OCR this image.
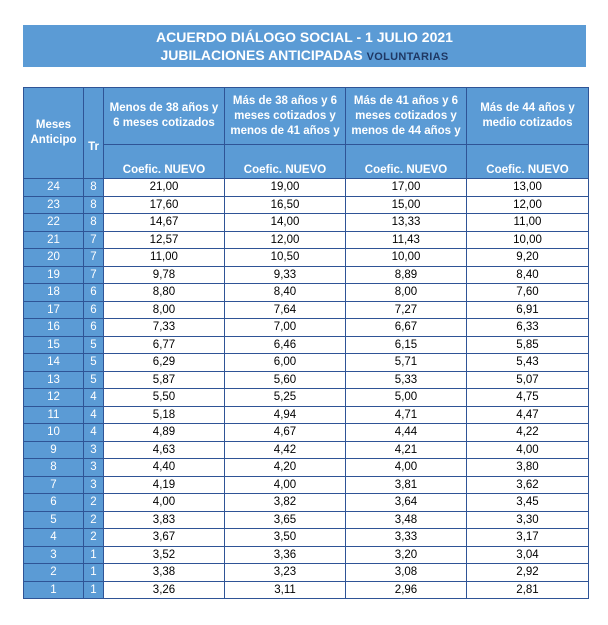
ACUERDO DIÁLOGO SOCIAL - 1 JULIO 2021
JUBILACIONES ANTICIPADAS VOLUNTARIAS
Meses Anticipo	Tr	Menos de 38 años y 6 meses cotizados	Más de 38 años y 6 meses cotizados y menos de 41 años y	Más de 41 años y 6 meses cotizados y menos de 44 años y	Más de 44 años y medio cotizados
		Coefic. NUEVO	Coefic. NUEVO	Coefic. NUEVO	Coefic. NUEVO
24	8	21,00	19,00	17,00	13,00
23	8	17,60	16,50	15,00	12,00
22	8	14,67	14,00	13,33	11,00
21	7	12,57	12,00	11,43	10,00
20	7	11,00	10,50	10,00	9,20
19	7	9,78	9,33	8,89	8,40
18	6	8,80	8,40	8,00	7,60
17	6	8,00	7,64	7,27	6,91
16	6	7,33	7,00	6,67	6,33
15	5	6,77	6,46	6,15	5,85
14	5	6,29	6,00	5,71	5,43
13	5	5,87	5,60	5,33	5,07
12	4	5,50	5,25	5,00	4,75
11	4	5,18	4,94	4,71	4,47
10	4	4,89	4,67	4,44	4,22
9	3	4,63	4,42	4,21	4,00
8	3	4,40	4,20	4,00	3,80
7	3	4,19	4,00	3,81	3,62
6	2	4,00	3,82	3,64	3,45
5	2	3,83	3,65	3,48	3,30
4	2	3,67	3,50	3,33	3,17
3	1	3,52	3,36	3,20	3,04
2	1	3,38	3,23	3,08	2,92
1	1	3,26	3,11	2,96	2,81
